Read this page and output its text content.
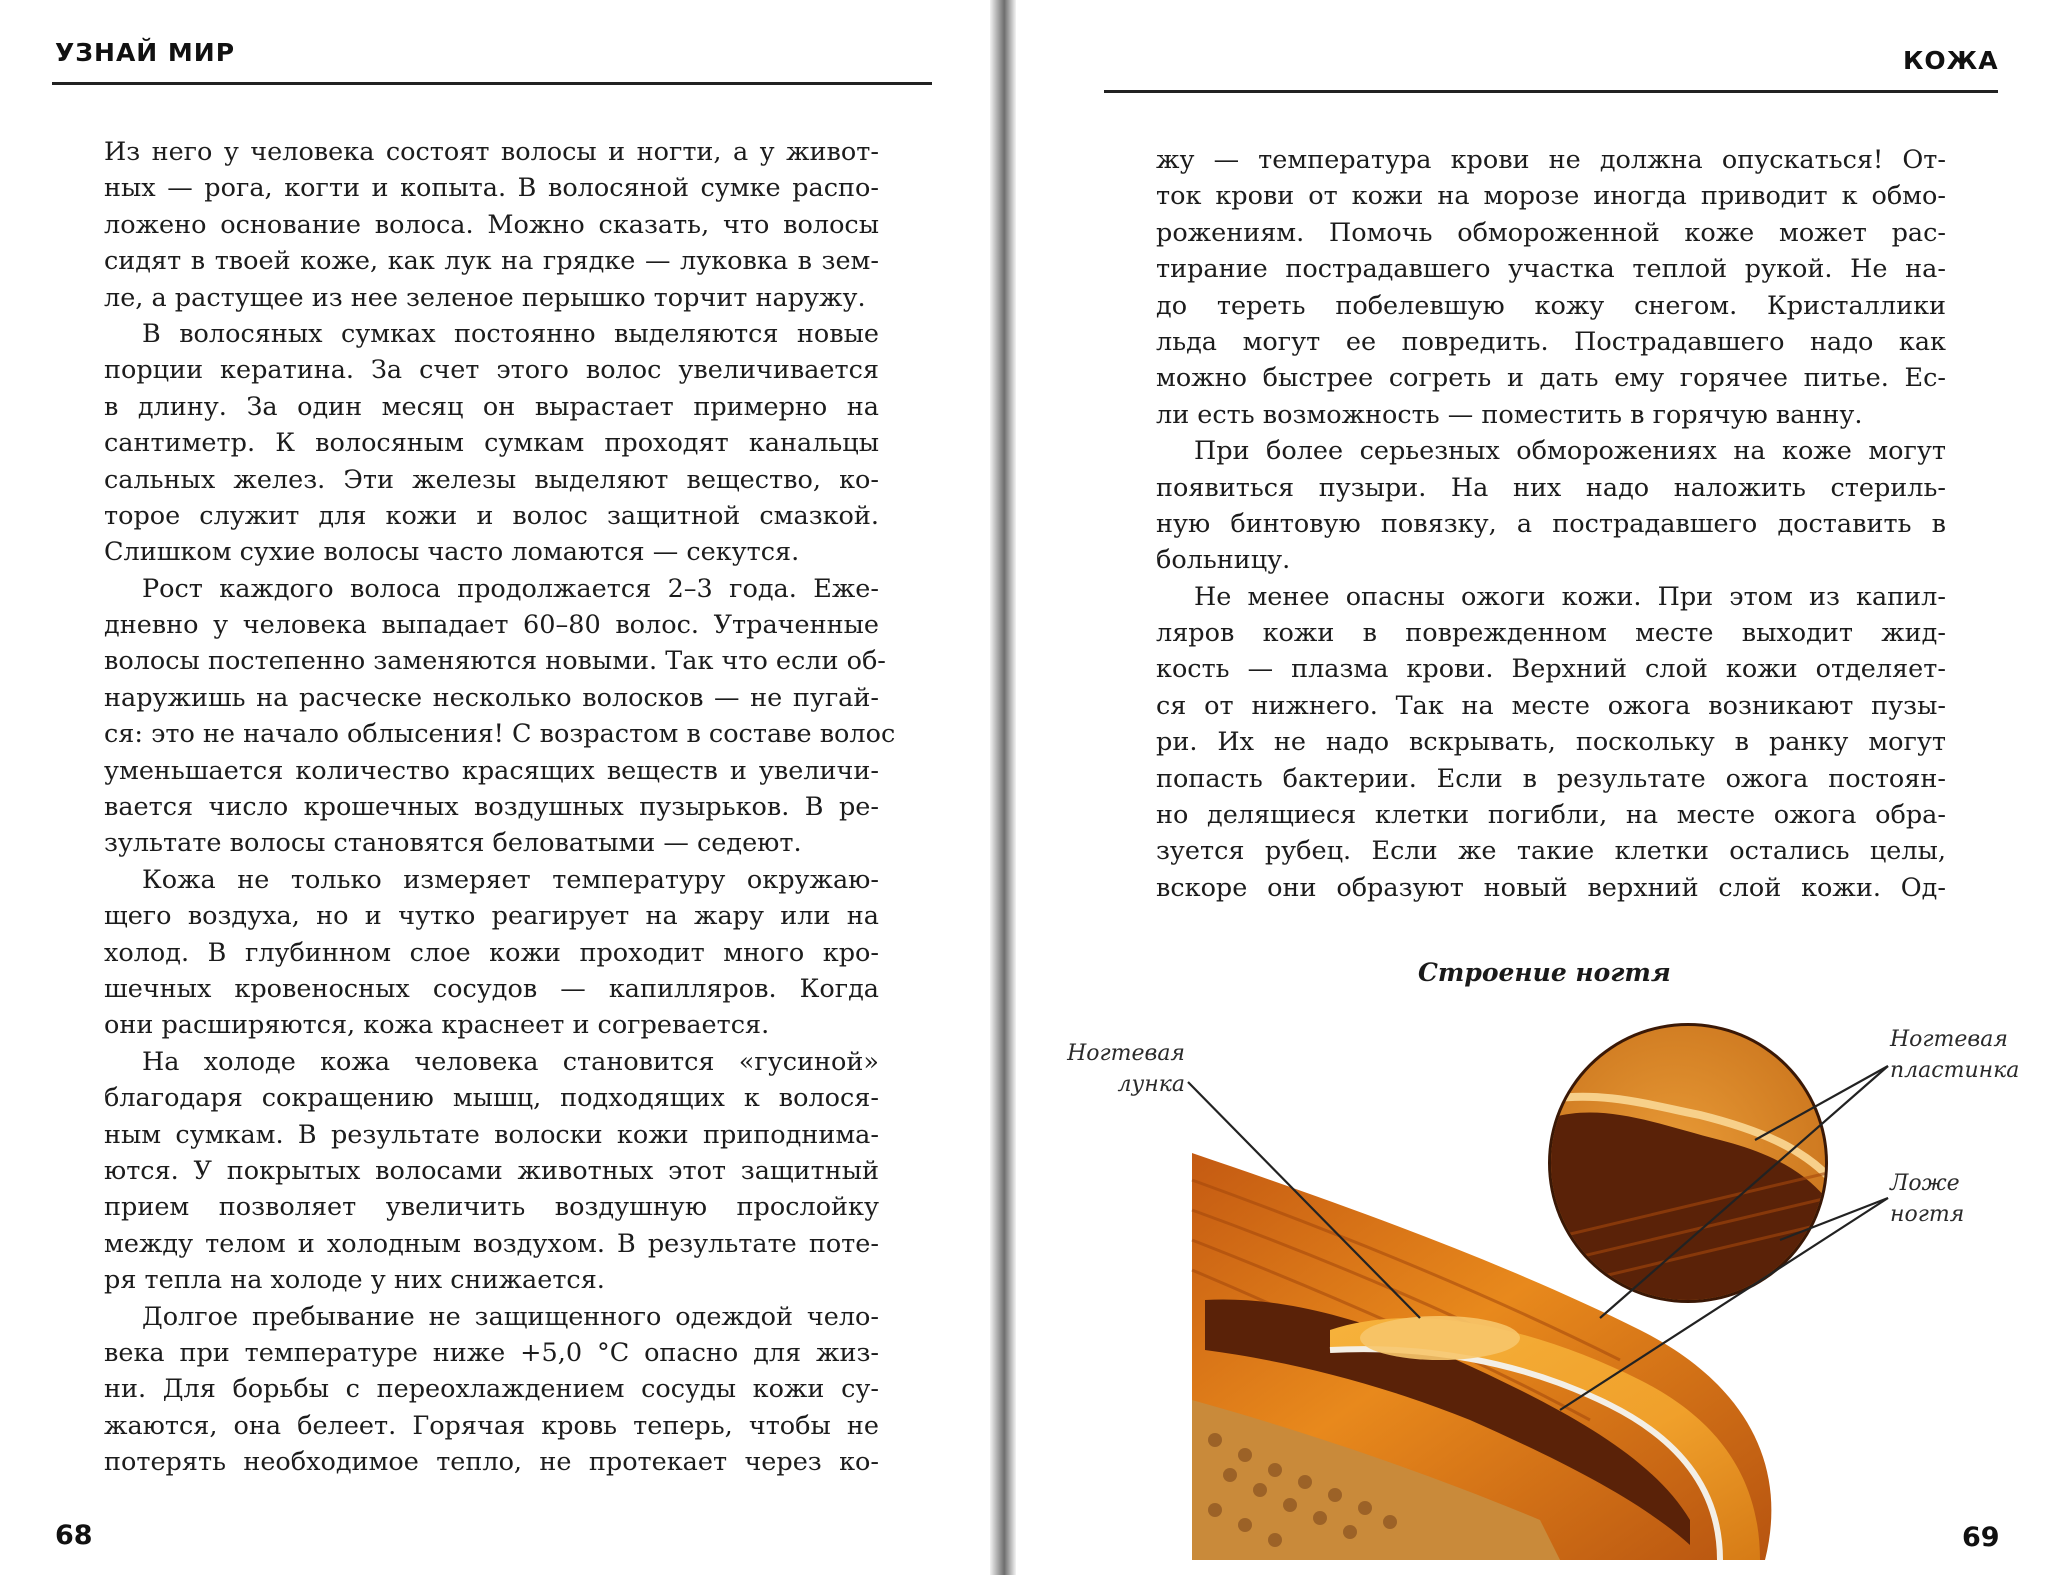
УЗНАЙ МИР
Из него у человека состоят волосы и ногти, а у живот-
ных — рога, когти и копыта. В волосяной сумке распо-
ложено основание волоса. Можно сказать, что волосы
сидят в твоей коже, как лук на грядке — луковка в зем-
ле, а растущее из нее зеленое перышко торчит наружу.
В волосяных сумках постоянно выделяются новые
порции кератина. За счет этого волос увеличивается
в длину. За один месяц он вырастает примерно на
сантиметр. К волосяным сумкам проходят канальцы
сальных желез. Эти железы выделяют вещество, ко-
торое служит для кожи и волос защитной смазкой.
Слишком сухие волосы часто ломаются — секутся.
Рост каждого волоса продолжается 2–3 года. Еже-
дневно у человека выпадает 60–80 волос. Утраченные
волосы постепенно заменяются новыми. Так что если об-
наружишь на расческе несколько волосков — не пугай-
ся: это не начало облысения! С возрастом в составе волос
уменьшается количество красящих веществ и увеличи-
вается число крошечных воздушных пузырьков. В ре-
зультате волосы становятся беловатыми — седеют.
Кожа не только измеряет температуру окружаю-
щего воздуха, но и чутко реагирует на жару или на
холод. В глубинном слое кожи проходит много кро-
шечных кровеносных сосудов — капилляров. Когда
они расширяются, кожа краснеет и согревается.
На холоде кожа человека становится «гусиной»
благодаря сокращению мышц, подходящих к волося-
ным сумкам. В результате волоски кожи приподнима-
ются. У покрытых волосами животных этот защитный
прием позволяет увеличить воздушную прослойку
между телом и холодным воздухом. В результате поте-
ря тепла на холоде у них снижается.
Долгое пребывание не защищенного одеждой чело-
века при температуре ниже +5,0 °С опасно для жиз-
ни. Для борьбы с переохлаждением сосуды кожи су-
жаются, она белеет. Горячая кровь теперь, чтобы не
потерять необходимое тепло, не протекает через ко-
68
КОЖА
жу — температура крови не должна опускаться! От-
ток крови от кожи на морозе иногда приводит к обмо-
рожениям. Помочь обмороженной коже может рас-
тирание пострадавшего участка теплой рукой. Не на-
до тереть побелевшую кожу снегом. Кристаллики
льда могут ее повредить. Пострадавшего надо как
можно быстрее согреть и дать ему горячее питье. Ес-
ли есть возможность — поместить в горячую ванну.
При более серьезных обморожениях на коже могут
появиться пузыри. На них надо наложить стериль-
ную бинтовую повязку, а пострадавшего доставить в
больницу.
Не менее опасны ожоги кожи. При этом из капил-
ляров кожи в поврежденном месте выходит жид-
кость — плазма крови. Верхний слой кожи отделяет-
ся от нижнего. Так на месте ожога возникают пузы-
ри. Их не надо вскрывать, поскольку в ранку могут
попасть бактерии. Если в результате ожога постоян-
но делящиеся клетки погибли, на месте ожога обра-
зуется рубец. Если же такие клетки остались целы,
вскоре они образуют новый верхний слой кожи. Од-
69
Строение ногтя
Ногтевая
лунка
Ногтевая
пластинка
Ложе
ногтя
